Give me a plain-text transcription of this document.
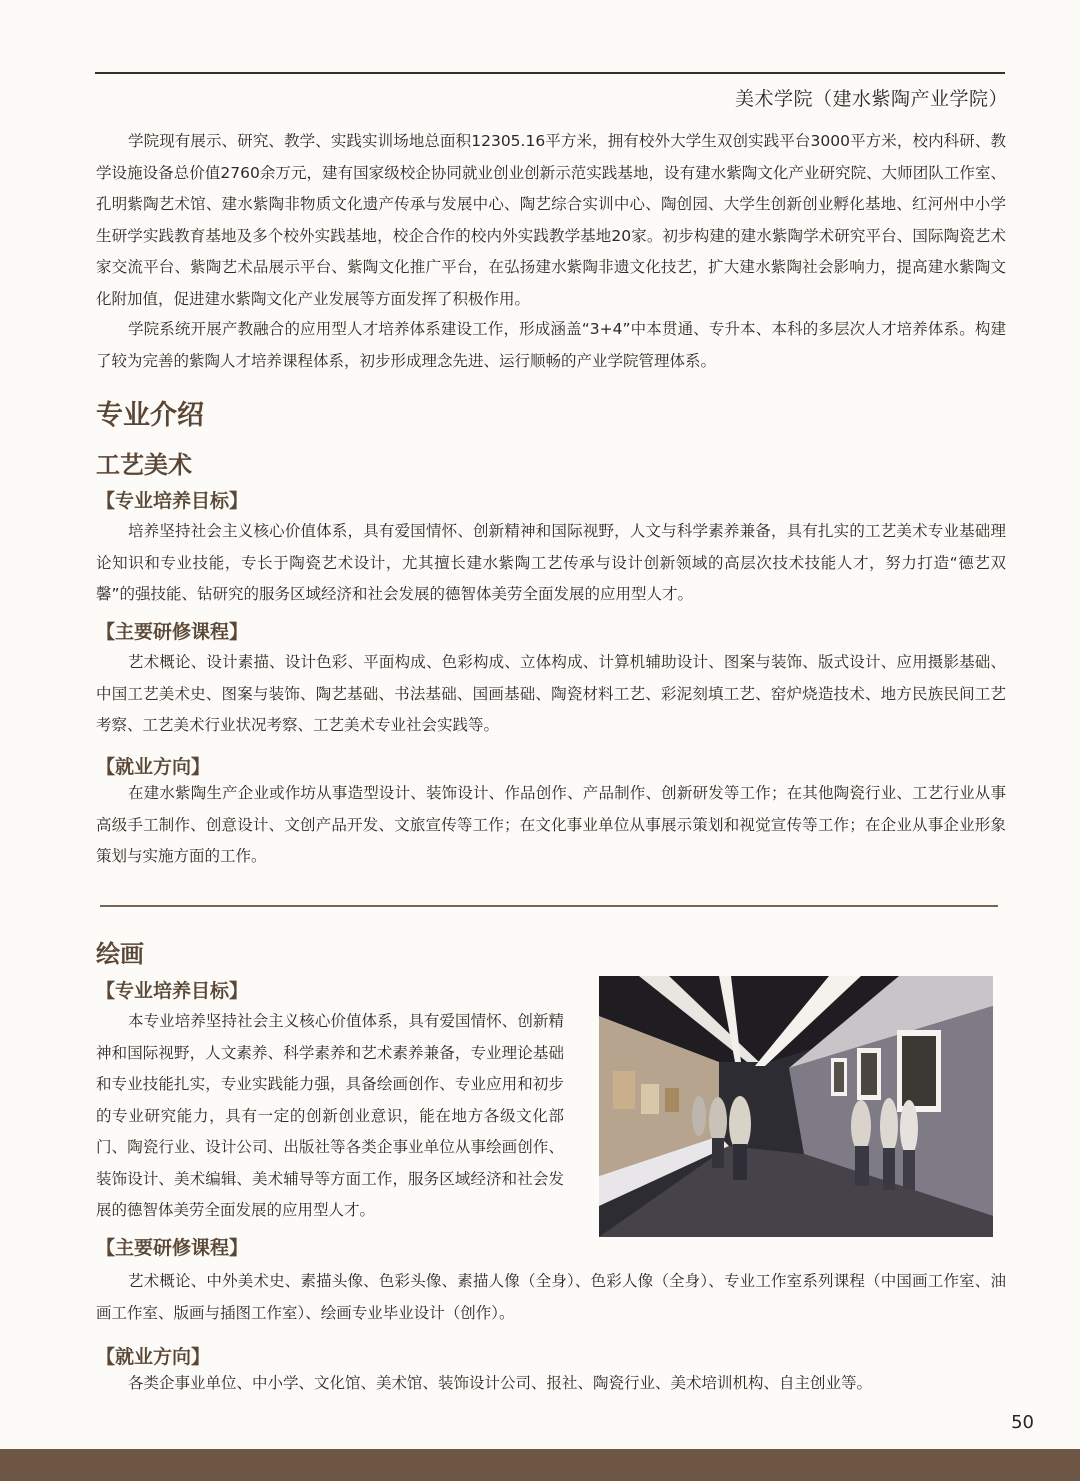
美术学院（建水紫陶产业学院）

学院现有展示、研究、教学、实践实训场地总面积12305.16平方米，拥有校外大学生双创实践平台3000平方米，校内科研、教学设施设备总价值2760余万元，建有国家级校企协同就业创业创新示范实践基地，设有建水紫陶文化产业研究院、大师团队工作室、孔明紫陶艺术馆、建水紫陶非物质文化遗产传承与发展中心、陶艺综合实训中心、陶创园、大学生创新创业孵化基地、红河州中小学生研学实践教育基地及多个校外实践基地，校企合作的校内外实践教学基地20家。初步构建的建水紫陶学术研究平台、国际陶瓷艺术家交流平台、紫陶艺术品展示平台、紫陶文化推广平台，在弘扬建水紫陶非遗文化技艺，扩大建水紫陶社会影响力，提高建水紫陶文化附加值，促进建水紫陶文化产业发展等方面发挥了积极作用。

学院系统开展产教融合的应用型人才培养体系建设工作，形成涵盖“3+4”中本贯通、专升本、本科的多层次人才培养体系。构建了较为完善的紫陶人才培养课程体系，初步形成理念先进、运行顺畅的产业学院管理体系。

专业介绍
工艺美术
【专业培养目标】

培养坚持社会主义核心价值体系，具有爱国情怀、创新精神和国际视野，人文与科学素养兼备，具有扎实的工艺美术专业基础理论知识和专业技能，专长于陶瓷艺术设计，尤其擅长建水紫陶工艺传承与设计创新领域的高层次技术技能人才，努力打造“德艺双馨”的强技能、钻研究的服务区域经济和社会发展的德智体美劳全面发展的应用型人才。

【主要研修课程】

艺术概论、设计素描、设计色彩、平面构成、色彩构成、立体构成、计算机辅助设计、图案与装饰、版式设计、应用摄影基础、中国工艺美术史、图案与装饰、陶艺基础、书法基础、国画基础、陶瓷材料工艺、彩泥刻填工艺、窑炉烧造技术、地方民族民间工艺考察、工艺美术行业状况考察、工艺美术专业社会实践等。

【就业方向】

在建水紫陶生产企业或作坊从事造型设计、装饰设计、作品创作、产品制作、创新研发等工作；在其他陶瓷行业、工艺行业从事高级手工制作、创意设计、文创产品开发、文旅宣传等工作；在文化事业单位从事展示策划和视觉宣传等工作；在企业从事企业形象策划与实施方面的工作。

绘画
【专业培养目标】

本专业培养坚持社会主义核心价值体系，具有爱国情怀、创新精神和国际视野，人文素养、科学素养和艺术素养兼备，专业理论基础和专业技能扎实，专业实践能力强，具备绘画创作、专业应用和初步的专业研究能力，具有一定的创新创业意识，能在地方各级文化部门、陶瓷行业、设计公司、出版社等各类企事业单位从事绘画创作、装饰设计、美术编辑、美术辅导等方面工作，服务区域经济和社会发展的德智体美劳全面发展的应用型人才。

【主要研修课程】

艺术概论、中外美术史、素描头像、色彩头像、素描人像（全身）、色彩人像（全身）、专业工作室系列课程（中国画工作室、油画工作室、版画与插图工作室）、绘画专业毕业设计（创作）。

【就业方向】

各类企事业单位、中小学、文化馆、美术馆、装饰设计公司、报社、陶瓷行业、美术培训机构、自主创业等。

50
